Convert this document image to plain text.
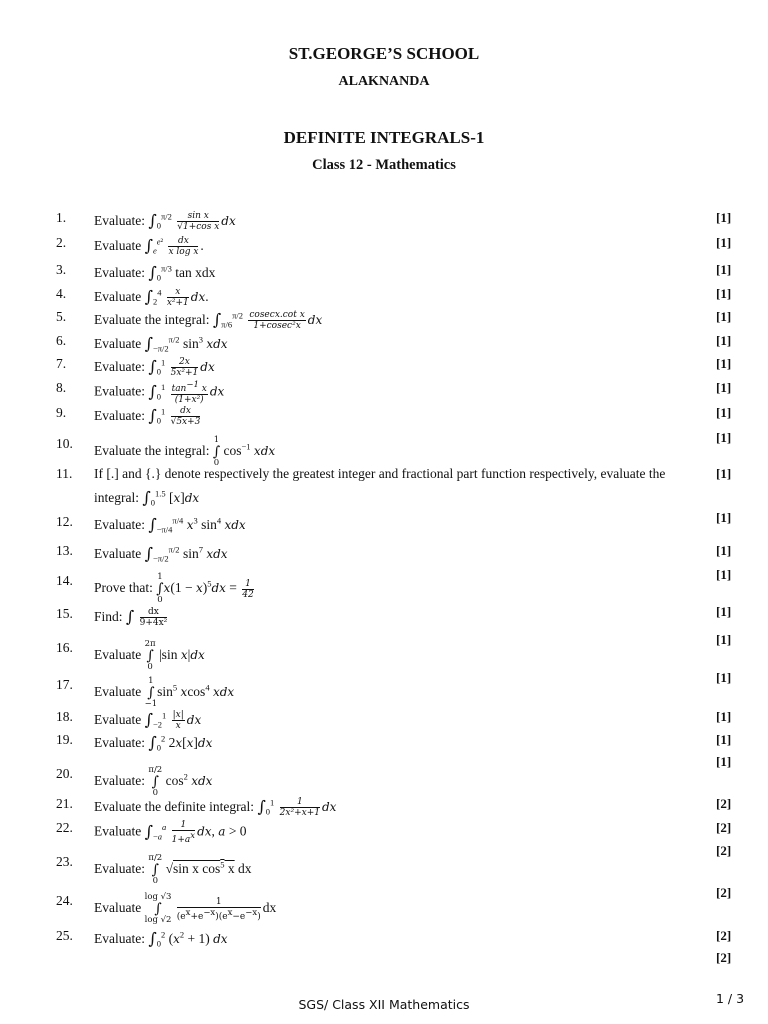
ST.GEORGE’S SCHOOL
ALAKNANDA
DEFINITE INTEGRALS-1
Class 12 - Mathematics
1. Evaluate: $\int_0^{\pi/2} \frac{\text{sin x}}{\text{√1+cos x}}$ dx	[1]
2. Evaluate $\int_e^{e^2} \frac{dx}{\text{x log x}}$ .	[1]
3. Evaluate: $\int_0^{\pi/3}$ tan xdx	[1]
4. Evaluate $\int_2^4 \frac{x}{\text{x²+1}}$ dx.	[1]
5. Evaluate the integral: $\int_{\pi/6}^{\pi/2} \frac{\text{cosecx.cot x}}{\text{1+cosec²x}}$ dx	[1]
6. Evaluate $\int_{-\pi/2}^{\pi/2}$ $\sin^3$ xdx	[1]
7. Evaluate: $\int_0^1 \frac{2x}{\text{5x²+1}}$ dx	[1]
8. Evaluate: $\int_0^1 \frac{\tan^{-1} x}{\text{(1+x²)}}$ dx	[1]
9. Evaluate: $\int_0^1 \frac{dx}{√5x+3}$	[1]
10. Evaluate the integral: 1
∫
0 $\cos^{-1}$ xdx
[1]
11. If [.] and {.} denote respectively the greatest integer and fractional part function respectively, evaluate the
integral: $\int_0^{1.5}$ [x]dx
[1]
12. Evaluate: $\int_{-\pi/4}^{\pi/4}$ $x^3$ $\sin^4$ xdx	[1]
13. Evaluate $\int_{-\pi/2}^{\pi/2}$ $\sin^7$ xdx	[1]
14. Prove that: 1
∫
$0x(1 - x)^5dx = \frac{1}{42}$
[1]
15. Find: ∫ $\frac{dx}{\text{9+4x²}}$	[1]
16. Evaluate 2π
∫
0 |sin x|dx
[1]
17. Evaluate 1
∫
$-1\sin^5$ xcos$^4$ xdx
[1]
18. Evaluate $\int_{-2}^1 \frac{|x|}{x}$ dx	[1]
19. Evaluate: $\int_0^2$ 2x[x]dx	[1]
20. Evaluate: π/2
∫
0 $\cos^2$ xdx
[1]
21. Evaluate the definite integral: $\int_0^1 \frac{1}{\text{2x²+x+1}}$ dx	[2]
22. Evaluate $\int_{-a}^a \frac{1}{1+a^x}$ dx, a > 0	[2]
23. Evaluate: π/2
∫
0 √sin x $\cos^5 x$ dx
[2]
24. Evaluate log √3
∫
$\log √2 \frac{1}{(e^x+e^{-x})(e^x-e^{-x})}$ dx
[2]
25. Evaluate: $\int_0^2$ $(x^2 + 1)$ dx	[2]
[2]
SGS/ Class XII Mathematics	1 / 3
